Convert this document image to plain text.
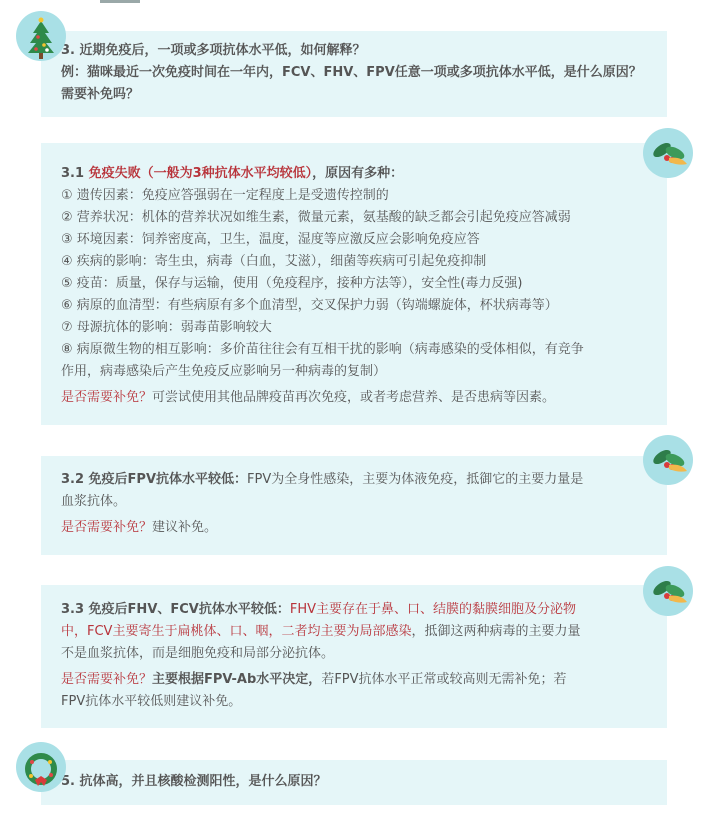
3. 近期免疫后，一项或多项抗体水平低，如何解释？

例：猫咪最近一次免疫时间在一年内，FCV、FHV、FPV任意一项或多项抗体水平低，是什么原因？需要补免吗？

3.1 免疫失败（一般为3种抗体水平均较低），原因有多种：

① 遗传因素：免疫应答强弱在一定程度上是受遗传控制的

② 营养状况：机体的营养状况如维生素，微量元素，氨基酸的缺乏都会引起免疫应答减弱

③ 环境因素：饲养密度高，卫生，温度，湿度等应激反应会影响免疫应答

④ 疾病的影响：寄生虫，病毒（白血，艾滋），细菌等疾病可引起免疫抑制

⑤ 疫苗：质量，保存与运输，使用（免疫程序，接种方法等），安全性(毒力反强)

⑥ 病原的血清型：有些病原有多个血清型，交叉保护力弱（钩端螺旋体，杯状病毒等）

⑦ 母源抗体的影响：弱毒苗影响较大

⑧ 病原微生物的相互影响：多价苗往往会有互相干扰的影响（病毒感染的受体相似，有竞争

作用，病毒感染后产生免疫反应影响另一种病毒的复制）

是否需要补免？可尝试使用其他品牌疫苗再次免疫，或者考虑营养、是否患病等因素。

3.2 免疫后FPV抗体水平较低：FPV为全身性感染，主要为体液免疫，抵御它的主要力量是

血浆抗体。

是否需要补免？建议补免。

3.3 免疫后FHV、FCV抗体水平较低：FHV主要存在于鼻、口、结膜的黏膜细胞及分泌物

中，FCV主要寄生于扁桃体、口、咽，二者均主要为局部感染，抵御这两种病毒的主要力量

不是血浆抗体，而是细胞免疫和局部分泌抗体。

是否需要补免？主要根据FPV-Ab水平决定，若FPV抗体水平正常或较高则无需补免；若

FPV抗体水平较低则建议补免。

5. 抗体高，并且核酸检测阳性，是什么原因？
